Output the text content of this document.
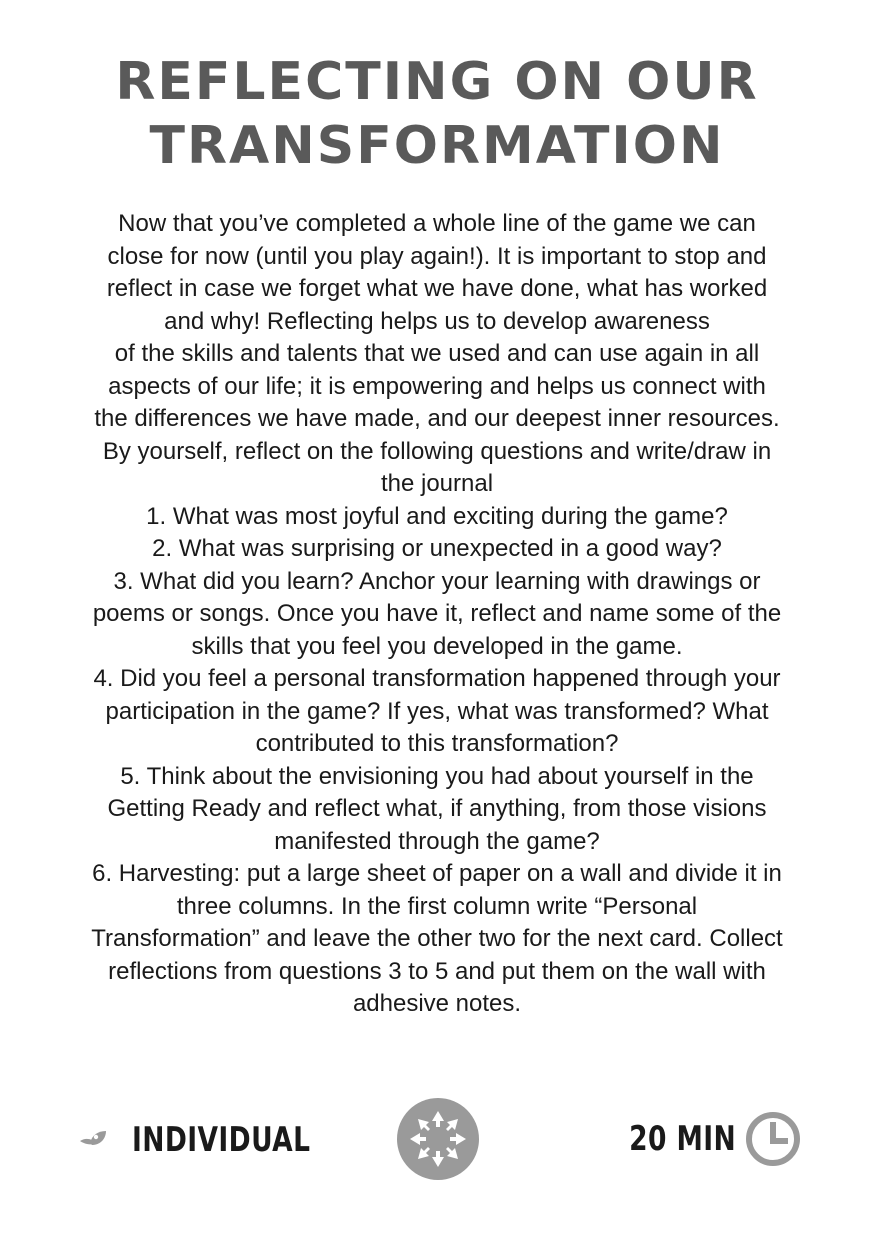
REFLECTING ON OUR
TRANSFORMATION

Now that you’ve completed a whole line of the game we can close for now (until you play again!). It is important to stop and reflect in case we forget what we have done, what has worked and why! Reflecting helps us to develop awareness

of the skills and talents that we used and can use again in all aspects of our life; it is empowering and helps us connect with the differences we have made, and our deepest inner resources.

By yourself, reflect on the following questions and write/draw in the journal

1. What was most joyful and exciting during the game?

2. What was surprising or unexpected in a good way?

3. What did you learn? Anchor your learning with drawings or poems or songs. Once you have it, reflect and name some of the skills that you feel you developed in the game.

4. Did you feel a personal transformation happened through your participation in the game? If yes, what was transformed? What contributed to this transformation?

5. Think about the envisioning you had about yourself in the Getting Ready and reflect what, if anything, from those visions manifested through the game?

6. Harvesting: put a large sheet of paper on a wall and divide it in three columns. In the first column write “Personal Transformation” and leave the other two for the next card. Collect reflections from questions 3 to 5 and put them on the wall with adhesive notes.

INDIVIDUAL	20 MIN
